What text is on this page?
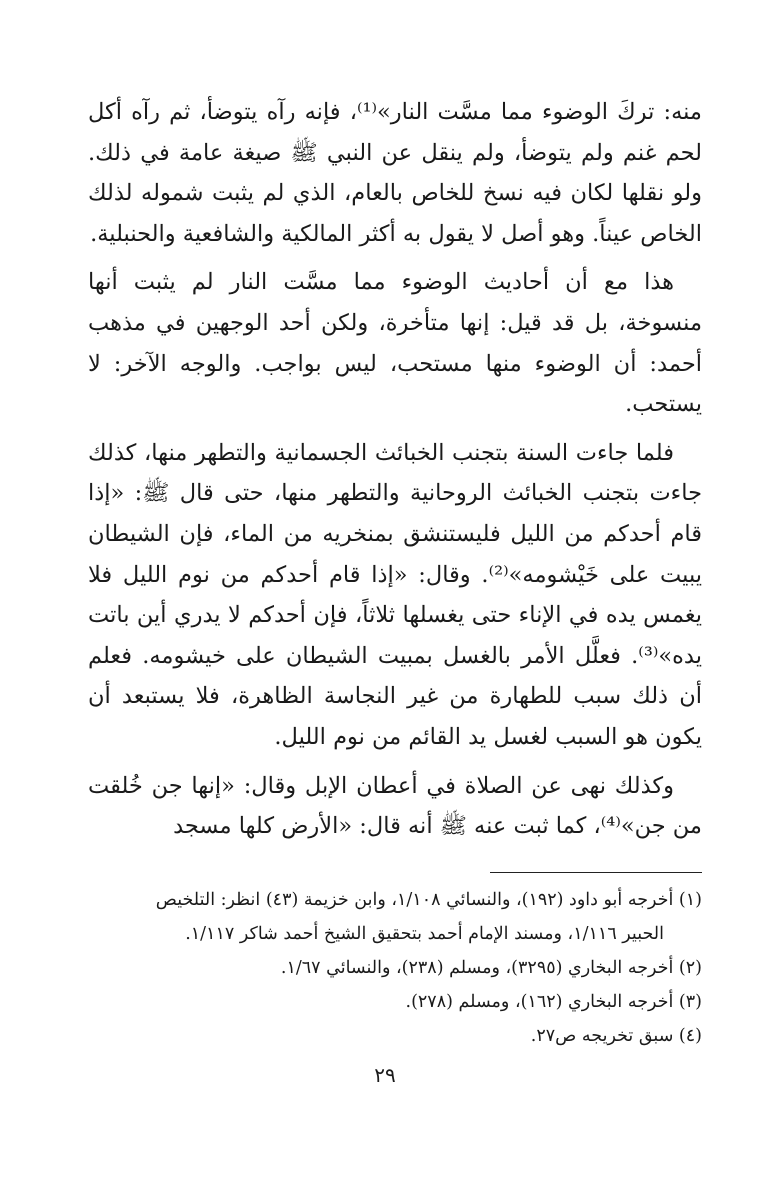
منه: تركَ الوضوء مما مسَّت النار»⁽¹⁾، فإنه رآه يتوضأ، ثم رآه أكل لحم غنم ولم يتوضأ، ولم ينقل عن النبي ﷺ صيغة عامة في ذلك. ولو نقلها لكان فيه نسخ للخاص بالعام، الذي لم يثبت شموله لذلك الخاص عيناً. وهو أصل لا يقول به أكثر المالكية والشافعية والحنبلية.

هذا مع أن أحاديث الوضوء مما مسَّت النار لم يثبت أنها منسوخة، بل قد قيل: إنها متأخرة، ولكن أحد الوجهين في مذهب أحمد: أن الوضوء منها مستحب، ليس بواجب. والوجه الآخر: لا يستحب.

فلما جاءت السنة بتجنب الخبائث الجسمانية والتطهر منها، كذلك جاءت بتجنب الخبائث الروحانية والتطهر منها، حتى قال ﷺ: «إذا قام أحدكم من الليل فليستنشق بمنخريه من الماء، فإن الشيطان يبيت على خَيْشومه»⁽²⁾. وقال: «إذا قام أحدكم من نوم الليل فلا يغمس يده في الإناء حتى يغسلها ثلاثاً، فإن أحدكم لا يدري أين باتت يده»⁽³⁾. فعلَّل الأمر بالغسل بمبيت الشيطان على خيشومه. فعلم أن ذلك سبب للطهارة من غير النجاسة الظاهرة، فلا يستبعد أن يكون هو السبب لغسل يد القائم من نوم الليل.

وكذلك نهى عن الصلاة في أعطان الإبل وقال: «إنها جن خُلقت من جن»⁽⁴⁾، كما ثبت عنه ﷺ أنه قال: «الأرض كلها مسجد

(١) أخرجه أبو داود (١٩٢)، والنسائي ١/١٠٨، وابن خزيمة (٤٣) انظر: التلخيص

الحبير ١/١١٦، ومسند الإمام أحمد بتحقيق الشيخ أحمد شاكر ١/١١٧.

(٢) أخرجه البخاري (٣٢٩٥)، ومسلم (٢٣٨)، والنسائي ١/٦٧.

(٣) أخرجه البخاري (١٦٢)، ومسلم (٢٧٨).

(٤) سبق تخريجه ص٢٧.

٢٩
